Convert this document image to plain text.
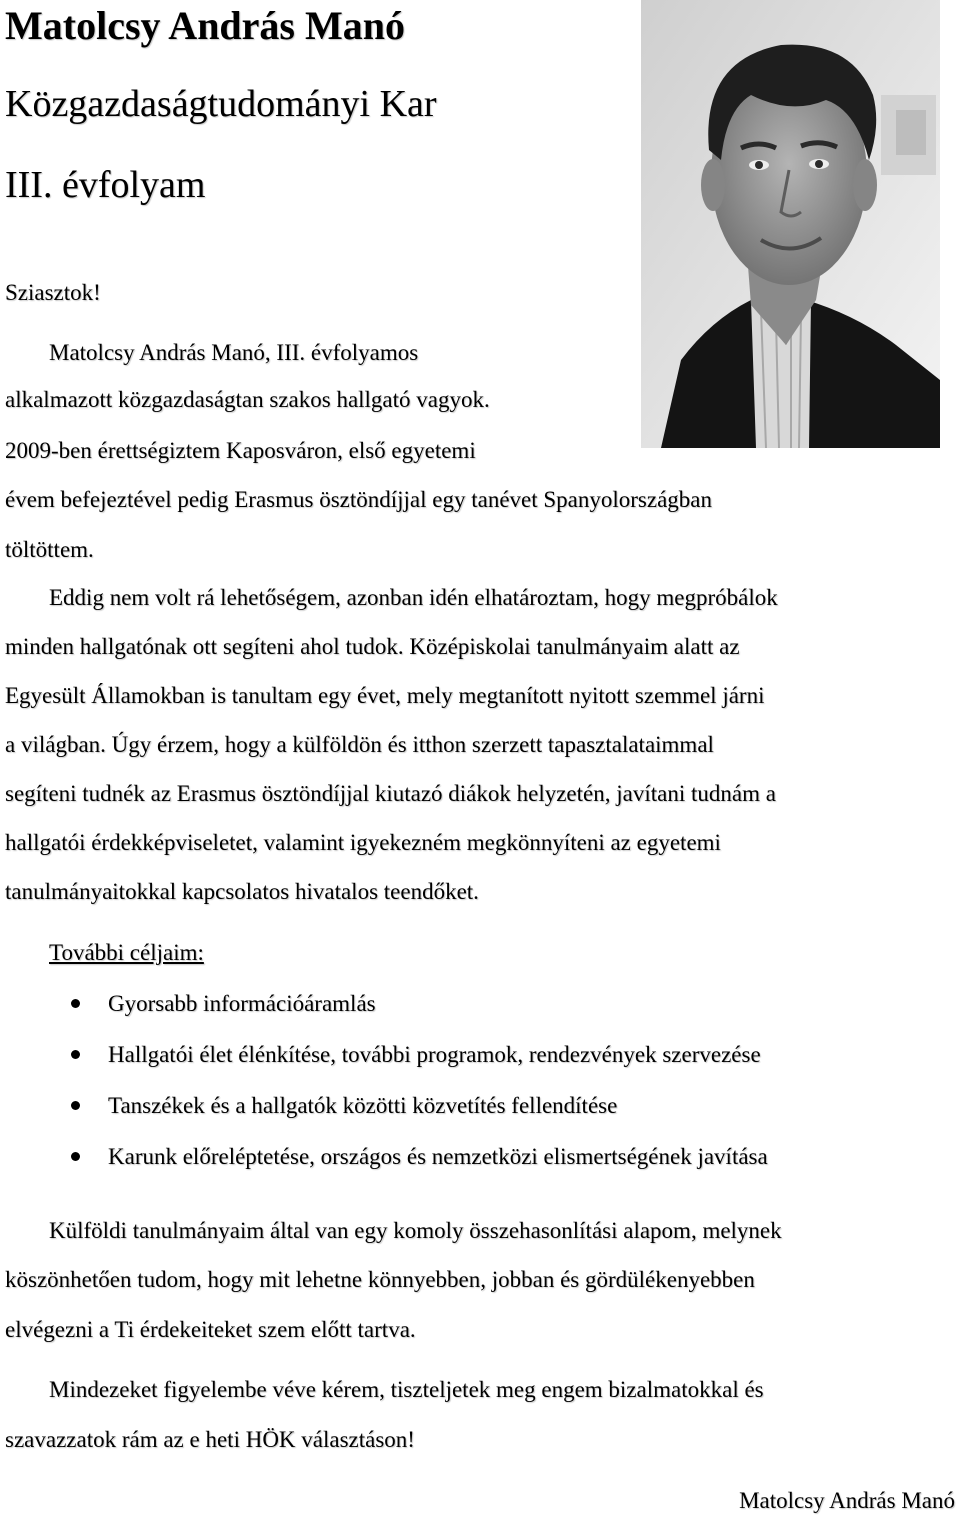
Matolcsy András Manó
Közgazdaságtudományi Kar
III. évfolyam
Sziasztok!
Matolcsy András Manó, III. évfolyamos
alkalmazott közgazdaságtan szakos hallgató vagyok.
2009-ben érettségiztem Kaposváron, első egyetemi
évem befejeztével pedig Erasmus ösztöndíjjal egy tanévet Spanyolországban
töltöttem.
Eddig nem volt rá lehetőségem, azonban idén elhatároztam, hogy megpróbálok
minden hallgatónak ott segíteni ahol tudok. Középiskolai tanulmányaim alatt az
Egyesült Államokban is tanultam egy évet, mely megtanított nyitott szemmel járni
a világban. Úgy érzem, hogy a külföldön és itthon szerzett tapasztalataimmal
segíteni tudnék az Erasmus ösztöndíjjal kiutazó diákok helyzetén, javítani tudnám a
hallgatói érdekképviseletet, valamint igyekezném megkönnyíteni az egyetemi
tanulmányaitokkal kapcsolatos hivatalos teendőket.
További céljaim:
Gyorsabb információáramlás
Hallgatói élet élénkítése, további programok, rendezvények szervezése
Tanszékek és a hallgatók közötti közvetítés fellendítése
Karunk előreléptetése, országos és nemzetközi elismertségének javítása
Külföldi tanulmányaim által van egy komoly összehasonlítási alapom, melynek
köszönhetően tudom, hogy mit lehetne könnyebben, jobban és gördülékenyebben
elvégezni a Ti érdekeiteket szem előtt tartva.
Mindezeket figyelembe véve kérem, tiszteljetek meg engem bizalmatokkal és
szavazzatok rám az e heti HÖK választáson!
Matolcsy András Manó
